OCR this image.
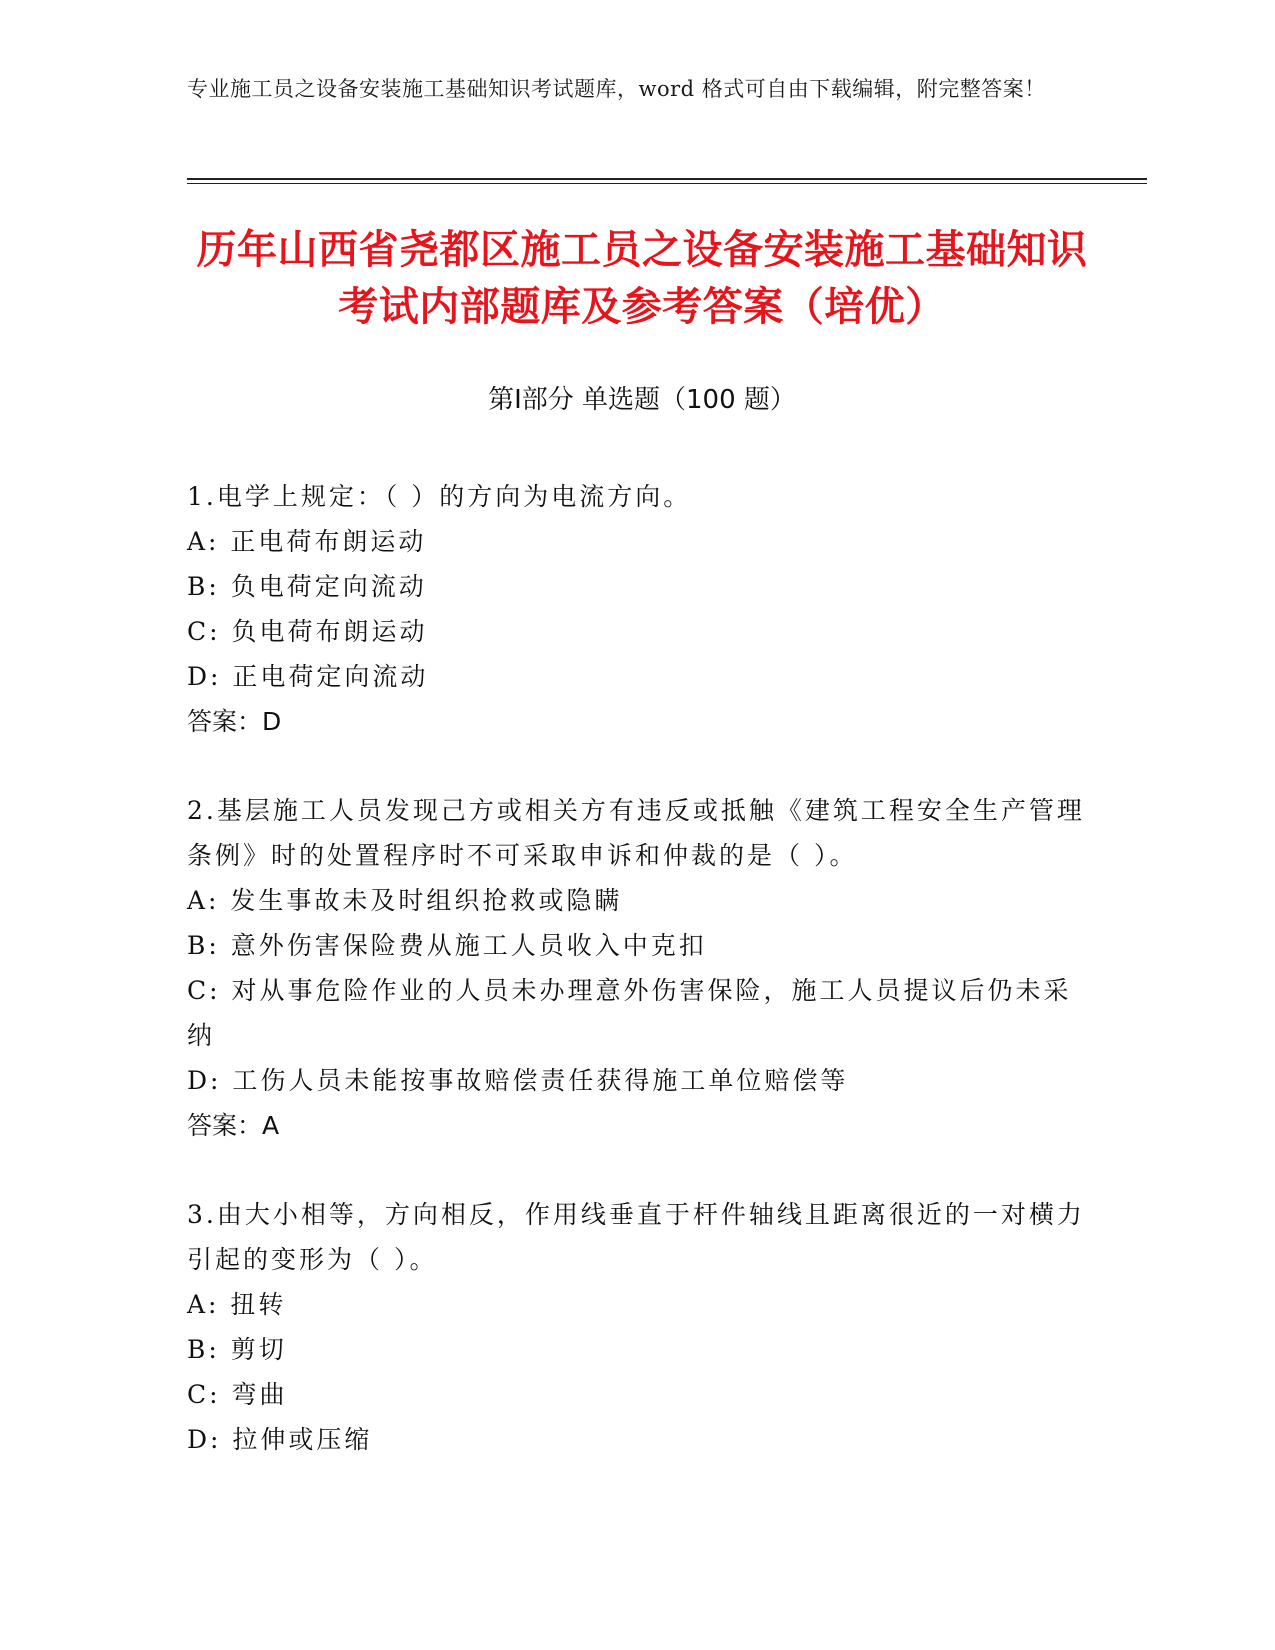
专业施工员之设备安装施工基础知识考试题库，word 格式可自由下载编辑，附完整答案！
历年山西省尧都区施工员之设备安装施工基础知识考试内部题库及参考答案（培优）
第Ⅰ部分 单选题（100 题）
1.电学上规定：（ ）的方向为电流方向。
A: 正电荷布朗运动
B: 负电荷定向流动
C: 负电荷布朗运动
D: 正电荷定向流动
答案：D
2.基层施工人员发现己方或相关方有违反或抵触《建筑工程安全生产管理条例》时的处置程序时不可采取申诉和仲裁的是（ ）。
A: 发生事故未及时组织抢救或隐瞒
B: 意外伤害保险费从施工人员收入中克扣
C: 对从事危险作业的人员未办理意外伤害保险，施工人员提议后仍未采纳
D: 工伤人员未能按事故赔偿责任获得施工单位赔偿等
答案：A
3.由大小相等，方向相反，作用线垂直于杆件轴线且距离很近的一对横力引起的变形为（ ）。
A: 扭转
B: 剪切
C: 弯曲
D: 拉伸或压缩
